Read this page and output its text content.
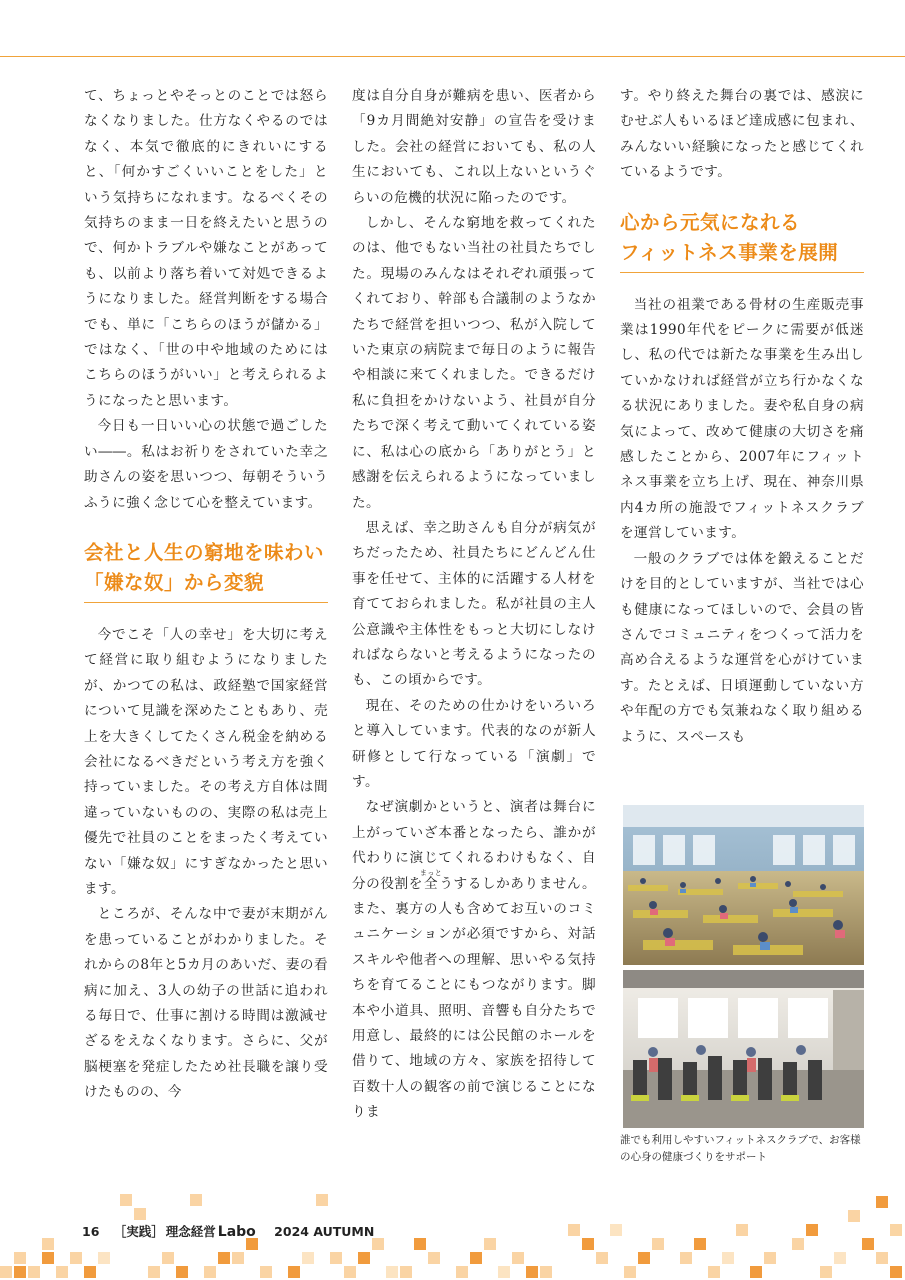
て、ちょっとやそっとのことでは怒らなくなりました。仕方なくやるのではなく、本気で徹底的にきれいにすると、「何かすごくいいことをした」という気持ちになれます。なるべくその気持ちのまま一日を終えたいと思うので、何かトラブルや嫌なことがあっても、以前より落ち着いて対処できるようになりました。経営判断をする場合でも、単に「こちらのほうが儲かる」ではなく、「世の中や地域のためにはこちらのほうがいい」と考えられるようになったと思います。

今日も一日いい心の状態で過ごしたい――。私はお祈りをされていた幸之助さんの姿を思いつつ、毎朝そういうふうに強く念じて心を整えています。

会社と人生の窮地を味わい
「嫌な奴」から変貌

今でこそ「人の幸せ」を大切に考えて経営に取り組むようになりましたが、かつての私は、政経塾で国家経営について見識を深めたこともあり、売上を大きくしてたくさん税金を納める会社になるべきだという考え方を強く持っていました。その考え方自体は間違っていないものの、実際の私は売上優先で社員のことをまったく考えていない「嫌な奴」にすぎなかったと思います。

ところが、そんな中で妻が末期がんを患っていることがわかりました。それからの8年と5カ月のあいだ、妻の看病に加え、3人の幼子の世話に追われる毎日で、仕事に割ける時間は激減せざるをえなくなります。さらに、父が脳梗塞を発症したため社長職を譲り受けたものの、今

度は自分自身が難病を患い、医者から「9カ月間絶対安静」の宣告を受けました。会社の経営においても、私の人生においても、これ以上ないというぐらいの危機的状況に陥ったのです。

しかし、そんな窮地を救ってくれたのは、他でもない当社の社員たちでした。現場のみんなはそれぞれ頑張ってくれており、幹部も合議制のようなかたちで経営を担いつつ、私が入院していた東京の病院まで毎日のように報告や相談に来てくれました。できるだけ私に負担をかけないよう、社員が自分たちで深く考えて動いてくれている姿に、私は心の底から「ありがとう」と感謝を伝えられるようになっていました。

思えば、幸之助さんも自分が病気がちだったため、社員たちにどんどん仕事を任せて、主体的に活躍する人材を育てておられました。私が社員の主人公意識や主体性をもっと大切にしなければならないと考えるようになったのも、この頃からです。

現在、そのための仕かけをいろいろと導入しています。代表的なのが新人研修として行なっている「演劇」です。

なぜ演劇かというと、演者は舞台に上がっていざ本番となったら、誰かが代わりに演じてくれるわけもなく、自分の役割を全まっとうするしかありません。また、裏方の人も含めてお互いのコミュニケーションが必須ですから、対話スキルや他者への理解、思いやる気持ちを育てることにもつながります。脚本や小道具、照明、音響も自分たちで用意し、最終的には公民館のホールを借りて、地域の方々、家族を招待して百数十人の観客の前で演じることになりま

す。やり終えた舞台の裏では、感涙にむせぶ人もいるほど達成感に包まれ、みんないい経験になったと感じてくれているようです。

心から元気になれる
フィットネス事業を展開

当社の祖業である骨材の生産販売事業は1990年代をピークに需要が低迷し、私の代では新たな事業を生み出していかなければ経営が立ち行かなくなる状況にありました。妻や私自身の病気によって、改めて健康の大切さを痛感したことから、2007年にフィットネス事業を立ち上げ、現在、神奈川県内4カ所の施設でフィットネスクラブを運営しています。

一般のクラブでは体を鍛えることだけを目的としていますが、当社では心も健康になってほしいので、会員の皆さんでコミュニティをつくって活力を高め合えるような運営を心がけています。たとえば、日頃運動していない方や年配の方でも気兼ねなく取り組めるように、スペースも

誰でも利用しやすいフィットネスクラブで、お客様の心身の健康づくりをサポート
16 ［実践］ 理念経営 Labo 2024 AUTUMN
